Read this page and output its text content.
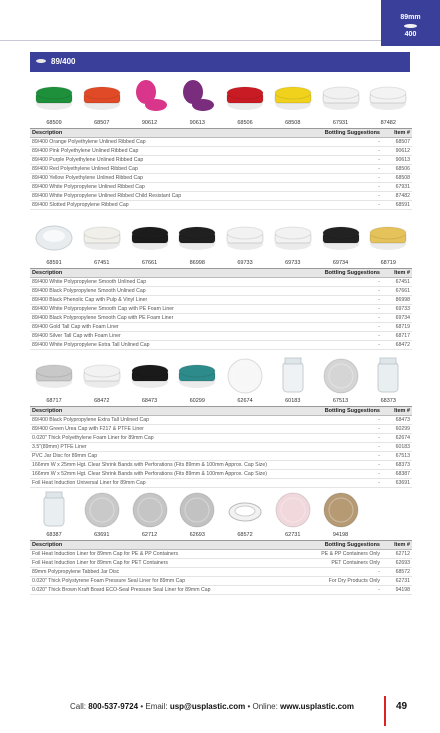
89mm
400
89/400
68509	68507	90612	90613	68506	68508	67931	87482
Description	Bottling Suggestions	Item #
89/400 Orange Polyethylene Unlined Ribbed Cap	-	68507
89/400 Pink Polyethylene Unlined Ribbed Cap	-	90612
89/400 Purple Polyethylene Unlined Ribbed Cap	-	90613
89/400 Red Polyethylene Unlined Ribbed Cap	-	68506
89/400 Yellow Polyethylene Unlined Ribbed Cap	-	68508
89/400 White Polypropylene Unlined Ribbed Cap	-	67931
89/400 White Polypropylene Unlined Ribbed Child Resistant Cap	-	87482
89/400 Slotted Polypropylene Ribbed Cap	-	68591
68591	67451	67661	86998	69733	69733	69734	68719
Description	Bottling Suggestions	Item #
89/400 White Polypropylene Smooth Unlined Cap	-	67451
89/400 Black Polypropylene Smooth Unlined Cap	-	67661
89/400 Black Phenolic Cap with Pulp & Vinyl Liner	-	86998
89/400 White Polypropylene Smooth Cap with PE Foam Liner	-	69733
89/400 Black Polypropylene Smooth Cap with PE Foam Liner	-	69734
89/400 Gold Tall Cap with Foam Liner	-	68719
89/400 Silver Tall Cap with Foam Liner	-	68717
89/400 White Polypropylene Extra Tall Unlined Cap	-	68472
68717	68472	68473	60299	62674	60183	67513	68373
Description	Bottling Suggestions	Item #
89/400 Black Polypropylene Extra Tall Unlined Cap	-	68473
89/400 Green Urea Cap with F217 & PTFE Liner	-	60299
0.020" Thick Polyethylene Foam Liner for 89mm Cap	-	62674
3.5"(89mm) PTFE Liner	-	60183
PVC Jar Disc for 89mm Cap	-	67513
166mm W x 25mm Hgt. Clear Shrink Bands with Perforations (Fits 89mm & 100mm Approx. Cap Size)	-	68373
166mm W x 52mm Hgt. Clear Shrink Bands with Perforations (Fits 89mm & 100mm Approx. Cap Size)	-	68387
Foil Heat Induction Universal Liner for 89mm Cap	-	63691
68387	63691	62712	62693	68572	62731	94198
Description	Bottling Suggestions	Item #
Foil Heat Induction Liner for 89mm Cap for PE & PP Containers	PE & PP Containers Only	62712
Foil Heat Induction Liner for 89mm Cap for PET Containers	PET Containers Only	62693
89mm Polypropylene Tabbed Jar Disc	-	68572
0.020" Thick Polystyrene Foam Pressure Seal Liner for 89mm Cap	For Dry Products Only	62731
0.020" Thick Brown Kraft Board ECO-Seal Pressure Seal Liner for 89mm Cap	-	94198
Call: 800-537-9724 • Email: usp@usplastic.com • Online: www.usplastic.com	49
